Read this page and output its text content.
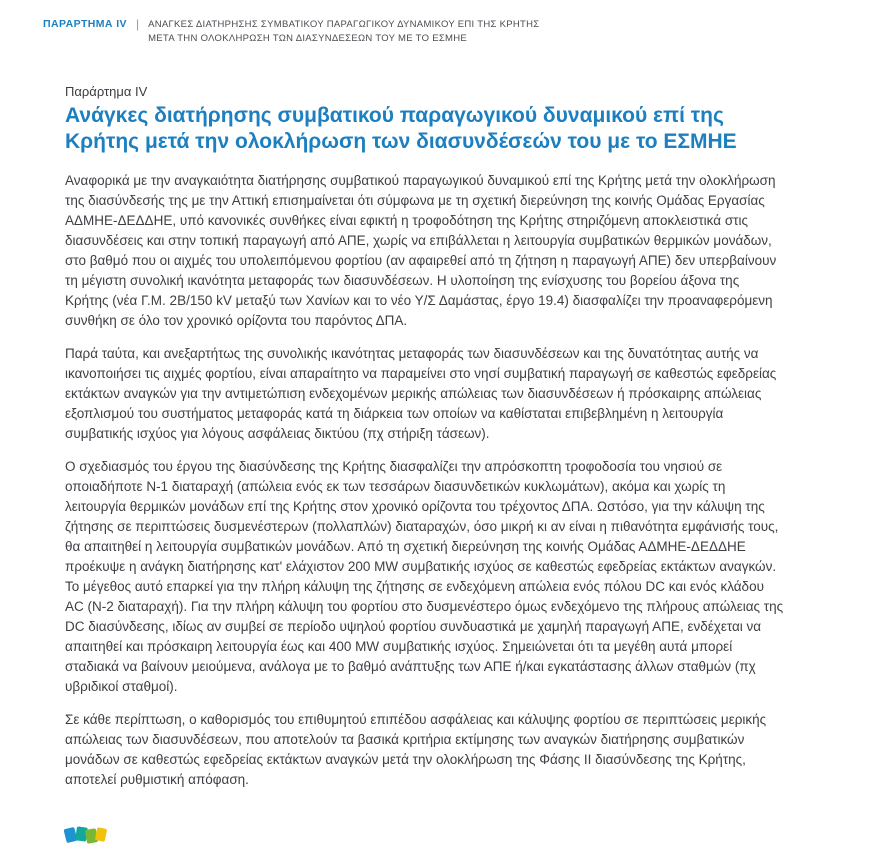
ΠΑΡΑΡΤΗΜΑ IV | ΑΝΑΓΚΕΣ ΔΙΑΤΗΡΗΣΗΣ ΣΥΜΒΑΤΙΚΟΥ ΠΑΡΑΓΩΓΙΚΟΥ ΔΥΝΑΜΙΚΟΥ ΕΠΙ ΤΗΣ ΚΡΗΤΗΣ
ΜΕΤΑ ΤΗΝ ΟΛΟΚΛΗΡΩΣΗ ΤΩΝ ΔΙΑΣΥΝΔΕΣΕΩΝ ΤΟΥ ΜΕ ΤΟ ΕΣΜΗΕ
Παράρτημα IV
Ανάγκες διατήρησης συμβατικού παραγωγικού δυναμικού επί της Κρήτης μετά την ολοκλήρωση των διασυνδέσεών του με το ΕΣΜΗΕ

Αναφορικά με την αναγκαιότητα διατήρησης συμβατικού παραγωγικού δυναμικού επί της Κρήτης μετά την ολοκλήρωση της διασύνδεσής της με την Αττική επισημαίνεται ότι σύμφωνα με τη σχετική διερεύνηση της κοινής Ομάδας Εργασίας ΑΔΜΗΕ-ΔΕΔΔΗΕ, υπό κανονικές συνθήκες είναι εφικτή η τροφοδότηση της Κρήτης στηριζόμενη αποκλειστικά στις διασυνδέσεις και στην τοπική παραγωγή από ΑΠΕ, χωρίς να επιβάλλεται η λειτουργία συμβατικών θερμικών μονάδων, στο βαθμό που οι αιχμές του υπολειπόμενου φορτίου (αν αφαιρεθεί από τη ζήτηση η παραγωγή ΑΠΕ) δεν υπερβαίνουν τη μέγιστη συνολική ικανότητα μεταφοράς των διασυνδέσεων. Η υλοποίηση της ενίσχυσης του βορείου άξονα της Κρήτης (νέα Γ.Μ. 2Β/150 kV μεταξύ των Χανίων και το νέο Υ/Σ Δαμάστας, έργο 19.4) διασφαλίζει την προαναφερόμενη συνθήκη σε όλο τον χρονικό ορίζοντα του παρόντος ΔΠΑ.

Παρά ταύτα, και ανεξαρτήτως της συνολικής ικανότητας μεταφοράς των διασυνδέσεων και της δυνατότητας αυτής να ικανοποιήσει τις αιχμές φορτίου, είναι απαραίτητο να παραμείνει στο νησί συμβατική παραγωγή σε καθεστώς εφεδρείας εκτάκτων αναγκών για την αντιμετώπιση ενδεχομένων μερικής απώλειας των διασυνδέσεων ή πρόσκαιρης απώλειας εξοπλισμού του συστήματος μεταφοράς κατά τη διάρκεια των οποίων να καθίσταται επιβεβλημένη η λειτουργία συμβατικής ισχύος για λόγους ασφάλειας δικτύου (πχ στήριξη τάσεων).

Ο σχεδιασμός του έργου της διασύνδεσης της Κρήτης διασφαλίζει την απρόσκοπτη τροφοδοσία του νησιού σε οποιαδήποτε N-1 διαταραχή (απώλεια ενός εκ των τεσσάρων διασυνδετικών κυκλωμάτων), ακόμα και χωρίς τη λειτουργία θερμικών μονάδων επί της Κρήτης στον χρονικό ορίζοντα του τρέχοντος ΔΠΑ. Ωστόσο, για την κάλυψη της ζήτησης σε περιπτώσεις δυσμενέστερων (πολλαπλών) διαταραχών, όσο μικρή κι αν είναι η πιθανότητα εμφάνισής τους, θα απαιτηθεί η λειτουργία συμβατικών μονάδων. Από τη σχετική διερεύνηση της κοινής Ομάδας ΑΔΜΗΕ-ΔΕΔΔΗΕ προέκυψε η ανάγκη διατήρησης κατ' ελάχιστον 200 MW συμβατικής ισχύος σε καθεστώς εφεδρείας εκτάκτων αναγκών. Το μέγεθος αυτό επαρκεί για την πλήρη κάλυψη της ζήτησης σε ενδεχόμενη απώλεια ενός πόλου DC και ενός κλάδου AC (N-2 διαταραχή). Για την πλήρη κάλυψη του φορτίου στο δυσμενέστερο όμως ενδεχόμενο της πλήρους απώλειας της DC διασύνδεσης, ιδίως αν συμβεί σε περίοδο υψηλού φορτίου συνδυαστικά με χαμηλή παραγωγή ΑΠΕ, ενδέχεται να απαιτηθεί και πρόσκαιρη λειτουργία έως και 400 MW συμβατικής ισχύος. Σημειώνεται ότι τα μεγέθη αυτά μπορεί σταδιακά να βαίνουν μειούμενα, ανάλογα με το βαθμό ανάπτυξης των ΑΠΕ ή/και εγκατάστασης άλλων σταθμών (πχ υβριδικοί σταθμοί).

Σε κάθε περίπτωση, ο καθορισμός του επιθυμητού επιπέδου ασφάλειας και κάλυψης φορτίου σε περιπτώσεις μερικής απώλειας των διασυνδέσεων, που αποτελούν τα βασικά κριτήρια εκτίμησης των αναγκών διατήρησης συμβατικών μονάδων σε καθεστώς εφεδρείας εκτάκτων αναγκών μετά την ολοκλήρωση της Φάσης II διασύνδεσης της Κρήτης, αποτελεί ρυθμιστική απόφαση.
